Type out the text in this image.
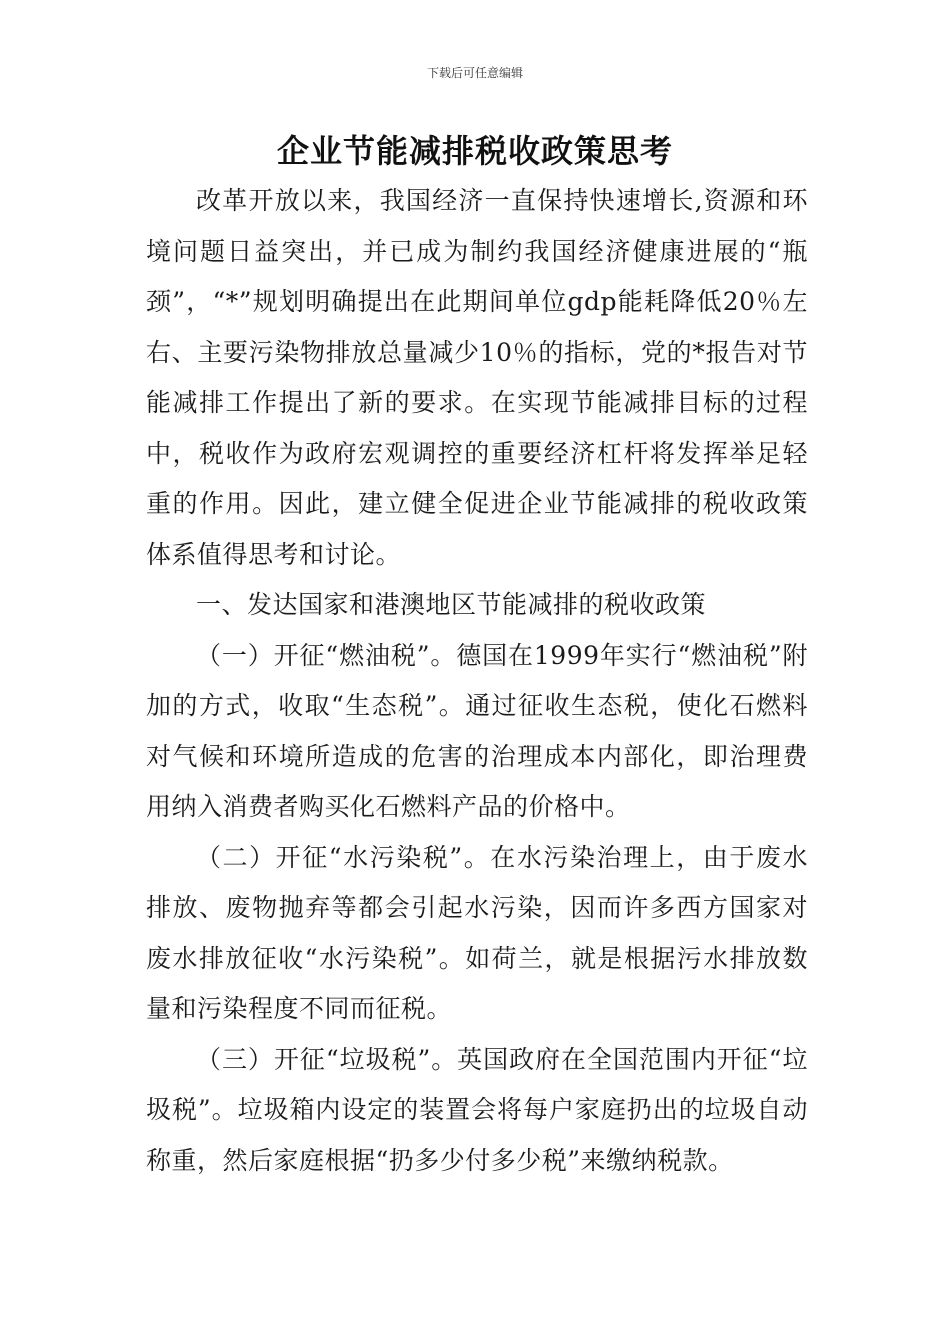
下载后可任意编辑
企业节能减排税收政策思考

改革开放以来，我国经济一直保持快速增长,资源和环境问题日益突出，并已成为制约我国经济健康进展的“瓶颈”，“*”规划明确提出在此期间单位gdp能耗降低20％左右、主要污染物排放总量减少10％的指标，党的*报告对节能减排工作提出了新的要求。在实现节能减排目标的过程中，税收作为政府宏观调控的重要经济杠杆将发挥举足轻重的作用。因此，建立健全促进企业节能减排的税收政策体系值得思考和讨论。

一、发达国家和港澳地区节能减排的税收政策

（一）开征“燃油税”。德国在1999年实行“燃油税”附加的方式，收取“生态税”。通过征收生态税，使化石燃料对气候和环境所造成的危害的治理成本内部化，即治理费用纳入消费者购买化石燃料产品的价格中。

（二）开征“水污染税”。在水污染治理上，由于废水排放、废物抛弃等都会引起水污染，因而许多西方国家对废水排放征收“水污染税”。如荷兰，就是根据污水排放数量和污染程度不同而征税。

（三）开征“垃圾税”。英国政府在全国范围内开征“垃圾税”。垃圾箱内设定的装置会将每户家庭扔出的垃圾自动称重，然后家庭根据“扔多少付多少税”来缴纳税款。
